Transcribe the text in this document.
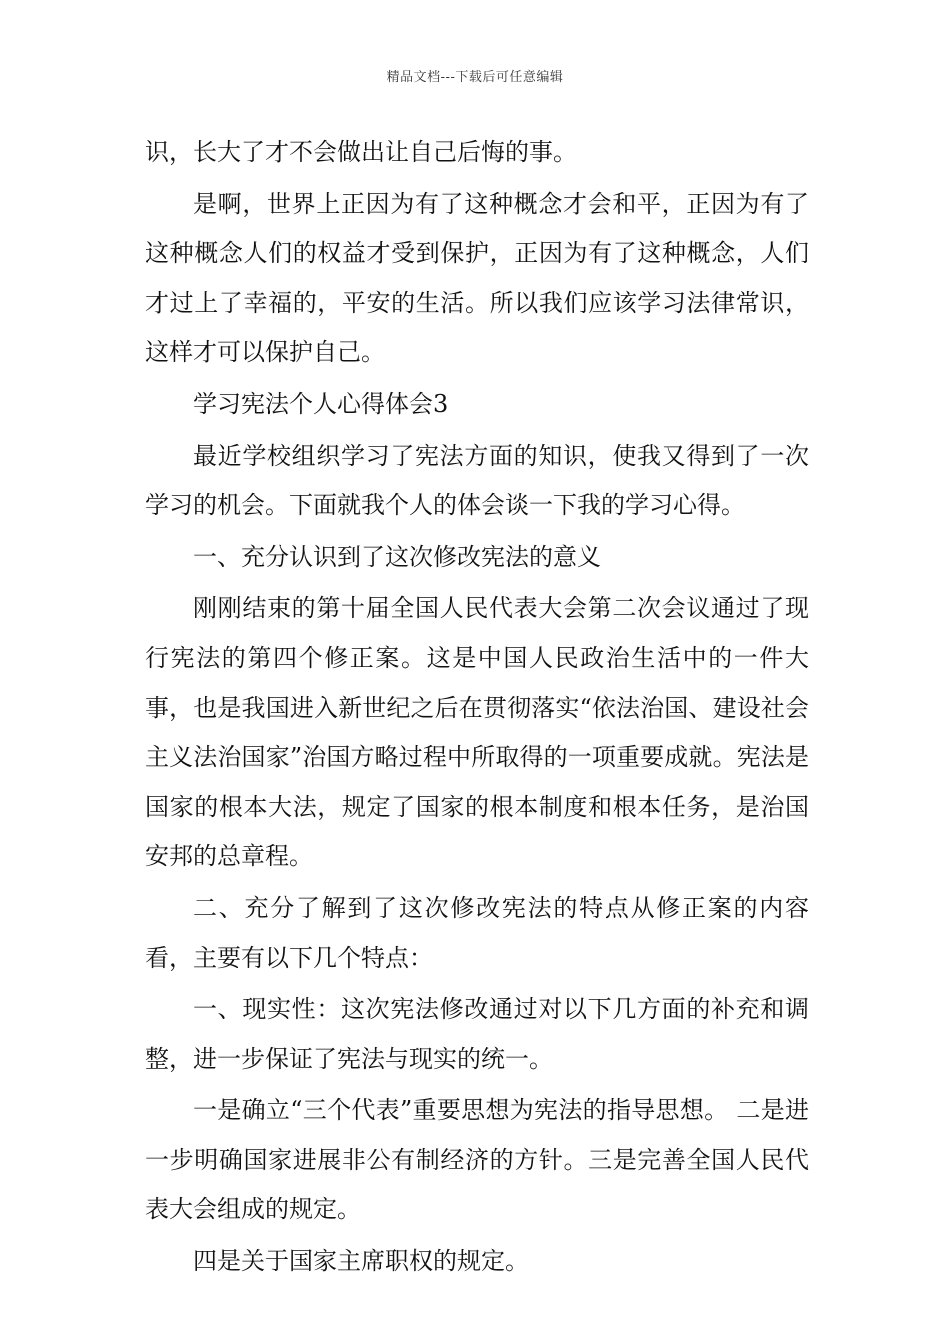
精品文档---下载后可任意编辑

识，长大了才不会做出让自己后悔的事。

是啊，世界上正因为有了这种概念才会和平，正因为有了这种概念人们的权益才受到保护，正因为有了这种概念，人们才过上了幸福的，平安的生活。所以我们应该学习法律常识，这样才可以保护自己。

学习宪法个人心得体会3

最近学校组织学习了宪法方面的知识，使我又得到了一次学习的机会。下面就我个人的体会谈一下我的学习心得。

一、充分认识到了这次修改宪法的意义

刚刚结束的第十届全国人民代表大会第二次会议通过了现行宪法的第四个修正案。这是中国人民政治生活中的一件大事，也是我国进入新世纪之后在贯彻落实“依法治国、建设社会主义法治国家”治国方略过程中所取得的一项重要成就。宪法是国家的根本大法，规定了国家的根本制度和根本任务，是治国安邦的总章程。

二、充分了解到了这次修改宪法的特点从修正案的内容看，主要有以下几个特点：

一、现实性：这次宪法修改通过对以下几方面的补充和调整，进一步保证了宪法与现实的统一。

一是确立“三个代表”重要思想为宪法的指导思想。 二是进一步明确国家进展非公有制经济的方针。三是完善全国人民代表大会组成的规定。

四是关于国家主席职权的规定。
